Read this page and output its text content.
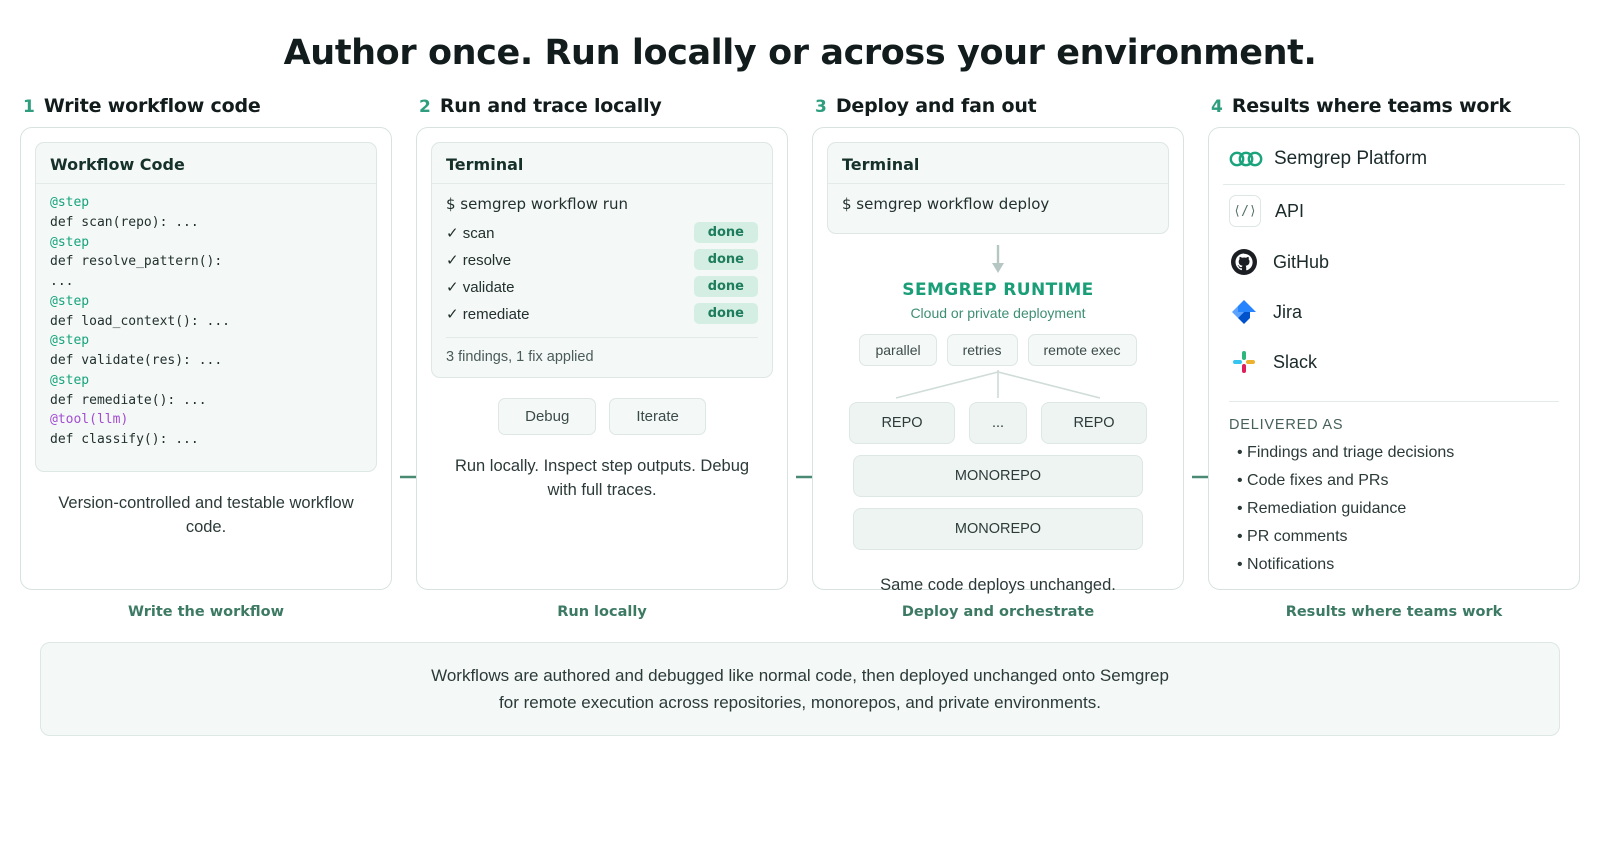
Author once. Run locally or across your environment.
1 Write workflow code
Workflow Code
@step
def scan(repo): ...
@step
def resolve_pattern():
...
@step
def load_context(): ...
@step
def validate(res): ...
@step
def remediate(): ...
@tool(llm)
def classify(): ...
Version-controlled and testable workflow code.
Write the workflow
2 Run and trace locally
Terminal
$ semgrep workflow run
✓ scan	done
✓ resolve	done
✓ validate	done
✓ remediate	done
3 findings, 1 fix applied
Debug	Iterate
Run locally. Inspect step outputs. Debug with full traces.
Run locally
3 Deploy and fan out
Terminal
$ semgrep workflow deploy
SEMGREP RUNTIME
Cloud or private deployment
parallel	retries	remote exec
REPO	...	REPO
MONOREPO
MONOREPO
Same code deploys unchanged.
Deploy and orchestrate
4 Results where teams work
Semgrep Platform
⟨/⟩ API
GitHub
Jira
Slack
DELIVERED AS
• Findings and triage decisions
• Code fixes and PRs
• Remediation guidance
• PR comments
• Notifications
Results where teams work
Workflows are authored and debugged like normal code, then deployed unchanged onto Semgrep
for remote execution across repositories, monorepos, and private environments.
